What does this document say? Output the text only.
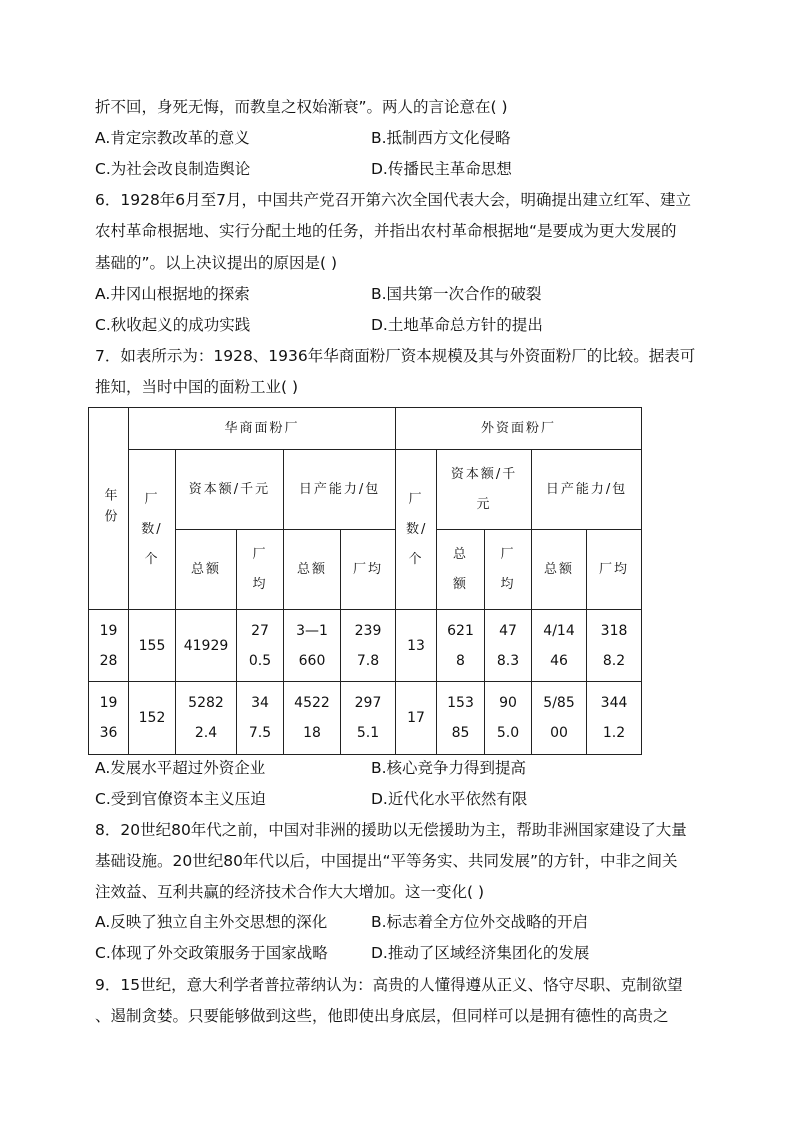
折不回，身死无悔，而教皇之权始渐衰”。两人的言论意在( )
A.肯定宗教改革的意义	B.抵制西方文化侵略
C.为社会改良制造舆论	D.传播民主革命思想
6．1928年6月至7月，中国共产党召开第六次全国代表大会，明确提出建立红军、建立
农村革命根据地、实行分配土地的任务，并指出农村革命根据地“是要成为更大发展的
基础的”。以上决议提出的原因是( )
A.井冈山根据地的探索	B.国共第一次合作的破裂
C.秋收起义的成功实践	D.土地革命总方针的提出
7．如表所示为：1928、1936年华商面粉厂资本规模及其与外资面粉厂的比较。据表可
推知，当时中国的面粉工业( )
年份	华商面粉厂					外资面粉厂				
	厂数/个	资本额/千元		日产能力/包		厂数/个	资本额/千元		日产能力/包	
		总额	厂均	总额	厂均		总额	厂均	总额	厂均
1928	155	41929	270.5	3—1660	2397.8	13	6218	478.3	4/1446	3188.2
1936	152	52822.4	347.5	452218	2975.1	17	15385	905.0	5/8500	3441.2
A.发展水平超过外资企业	B.核心竞争力得到提高
C.受到官僚资本主义压迫	D.近代化水平依然有限
8．20世纪80年代之前，中国对非洲的援助以无偿援助为主，帮助非洲国家建设了大量
基础设施。20世纪80年代以后，中国提出“平等务实、共同发展”的方针，中非之间关
注效益、互利共赢的经济技术合作大大增加。这一变化( )
A.反映了独立自主外交思想的深化	B.标志着全方位外交战略的开启
C.体现了外交政策服务于国家战略	D.推动了区域经济集团化的发展
9．15世纪，意大利学者普拉蒂纳认为：高贵的人懂得遵从正义、恪守尽职、克制欲望
、遏制贪婪。只要能够做到这些，他即使出身底层，但同样可以是拥有德性的高贵之
